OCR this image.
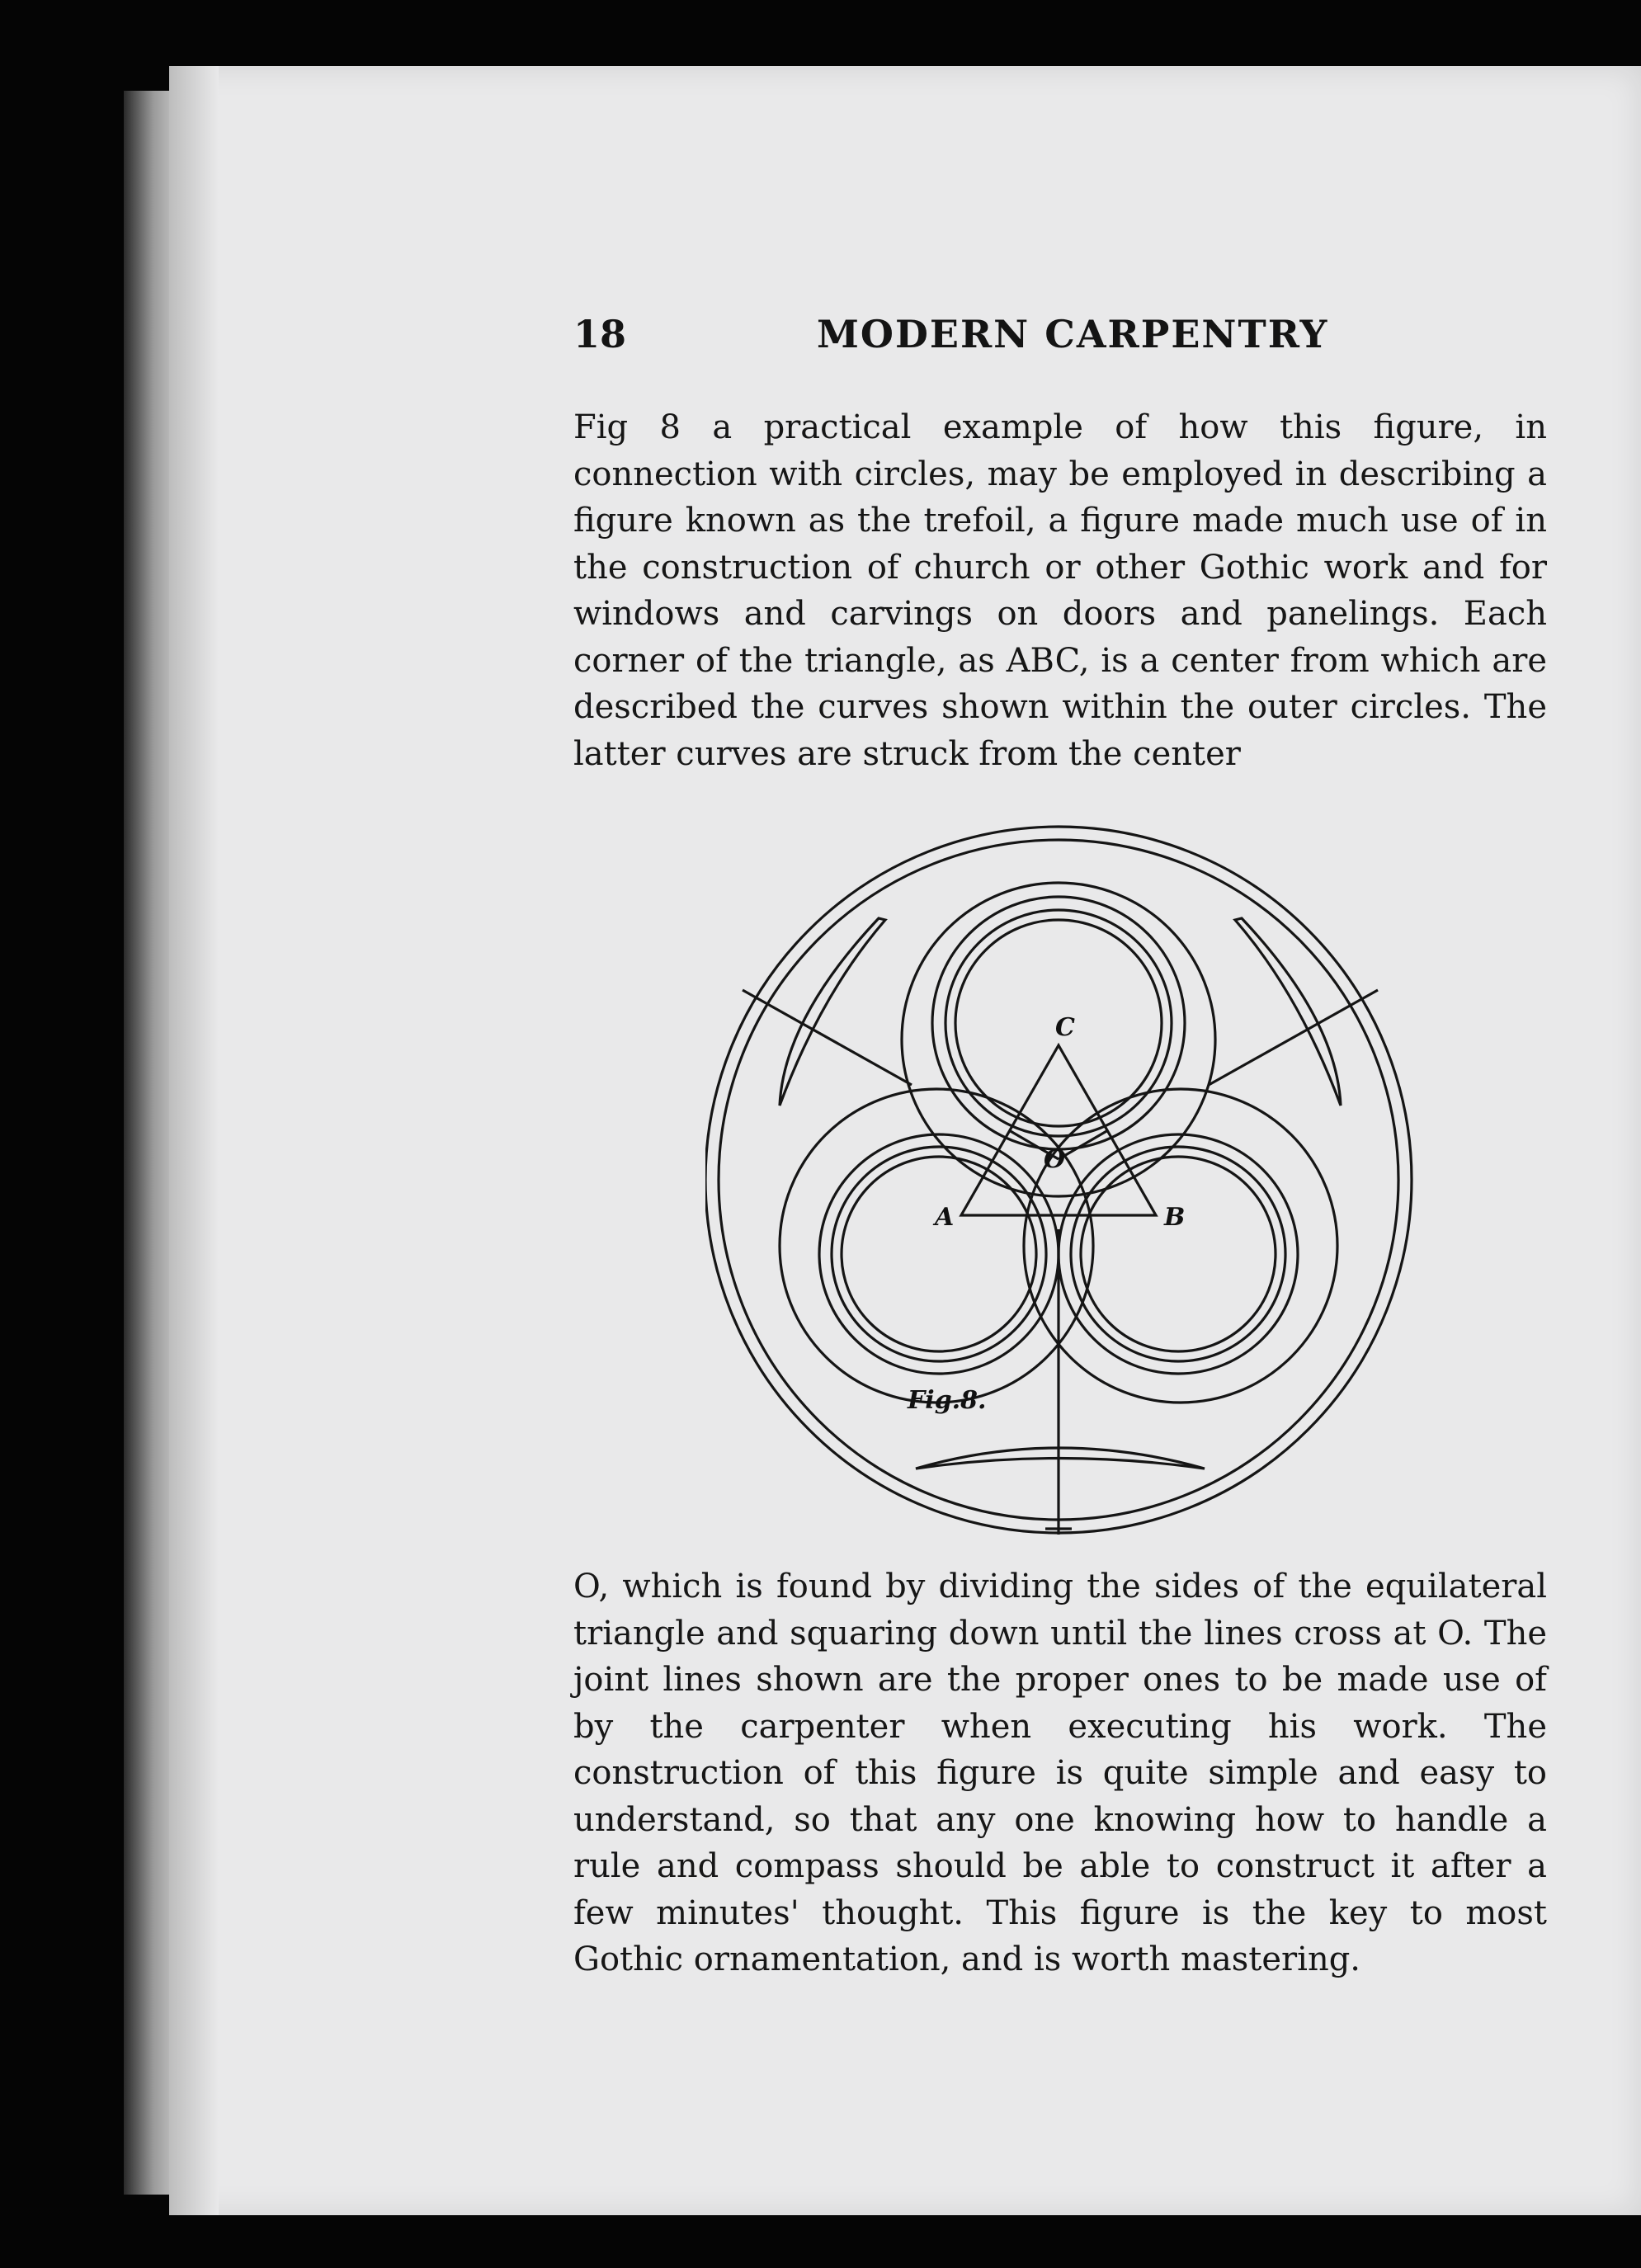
18	MODERN CARPENTRY

Fig 8 a practical example of how this figure, in connection with circles, may be employed in describing a figure known as the trefoil, a figure made much use of in the construction of church or other Gothic work and for windows and carvings on doors and panelings. Each corner of the triangle, as ABC, is a center from which are described the curves shown within the outer circles. The latter curves are struck from the center

C
A	B
O
Fig.8.

O, which is found by dividing the sides of the equilateral triangle and squaring down until the lines cross at O. The joint lines shown are the proper ones to be made use of by the carpenter when executing his work. The construction of this figure is quite simple and easy to understand, so that any one knowing how to handle a rule and compass should be able to construct it after a few minutes' thought. This figure is the key to most Gothic ornamentation, and is worth mastering.
